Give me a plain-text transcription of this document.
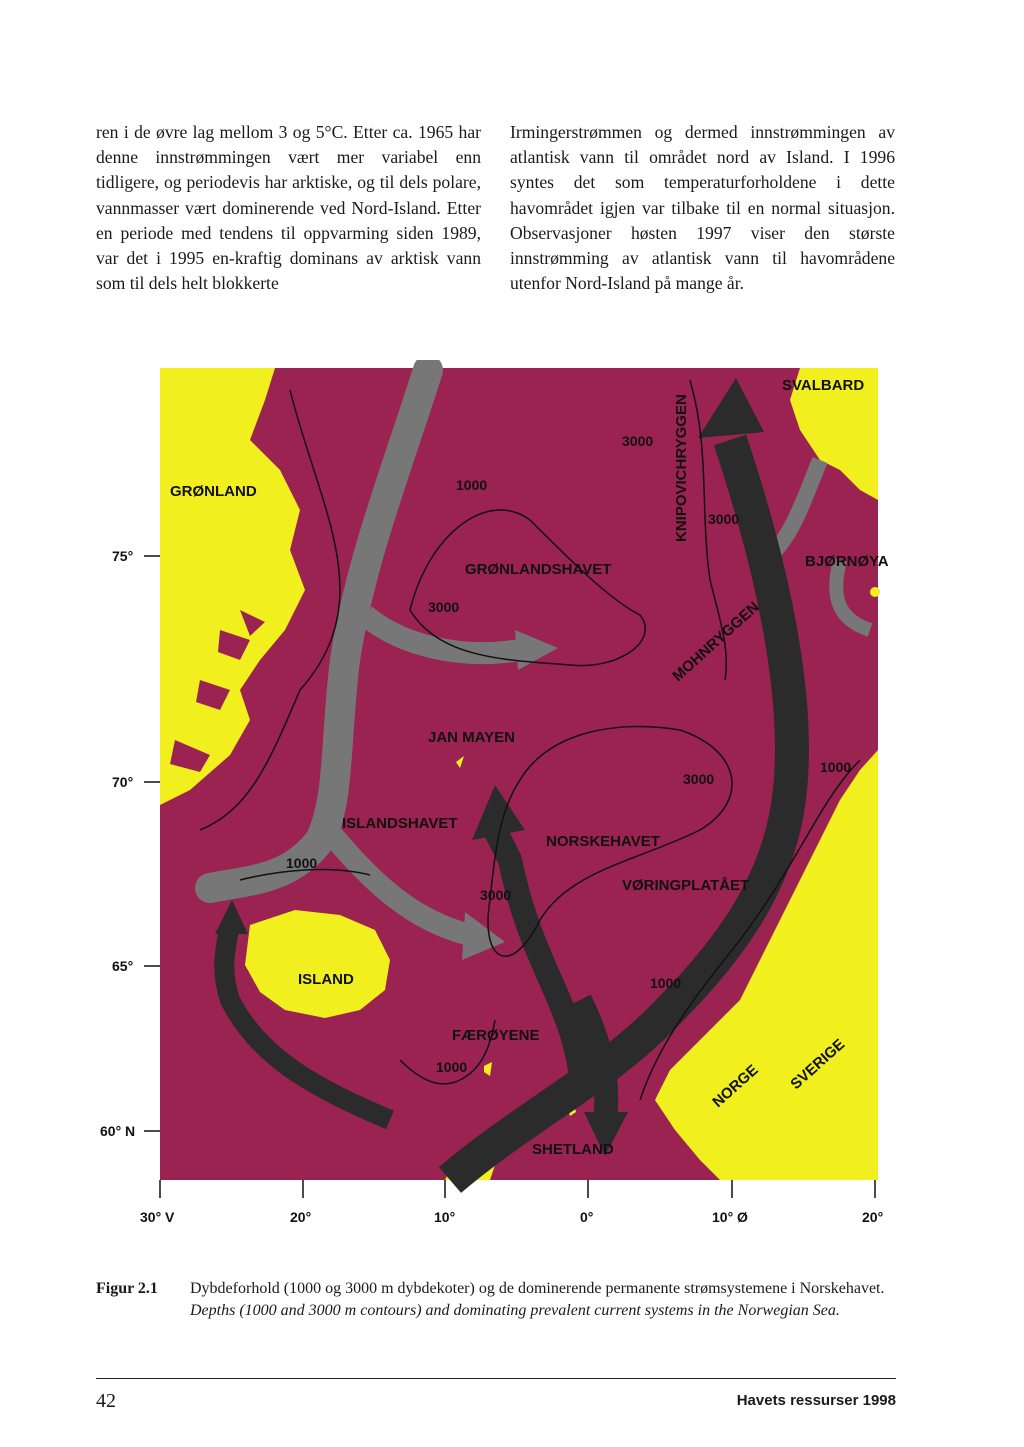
ren i de øvre lag mellom 3 og 5°C. Etter ca. 1965 har denne innstrømmingen vært mer variabel enn tidligere, og periodevis har arktiske, og til dels polare, vannmasser vært dominerende ved Nord-Island. Etter en periode med tendens til oppvarming siden 1989, var det i 1995 en-kraftig dominans av arktisk vann som til dels helt blokkerte

Irmingerstrømmen og dermed innstrømmingen av atlantisk vann til området nord av Island. I 1996 syntes det som temperaturforholdene i dette havområdet igjen var tilbake til en normal situasjon. Observasjoner høsten 1997 viser den største innstrømming av atlantisk vann til havområdene utenfor Nord-Island på mange år.

GRØNLAND
SVALBARD
BJØRNØYA
GRØNLANDSHAVET
KNIPOVICHRYGGEN
MOHNRYGGEN
JAN MAYEN
ISLANDSHAVET
NORSKEHAVET
VØRINGPLATÅET
ISLAND
FÆRØYENE
SHETLAND
NORGE SVERIGE
1000
3000
3000
3000
3000
1000
1000
3000
1000
1000
75°
70°
65°
60° N
30° V	20°	10°	0°	10° Ø	20°
Figur 2.1 Dybdeforhold (1000 og 3000 m dybdekoter) og de dominerende permanente strømsystemene i Norskehavet.
Depths (1000 and 3000 m contours) and dominating prevalent current systems in the Norwegian Sea.
42	Havets ressurser 1998
